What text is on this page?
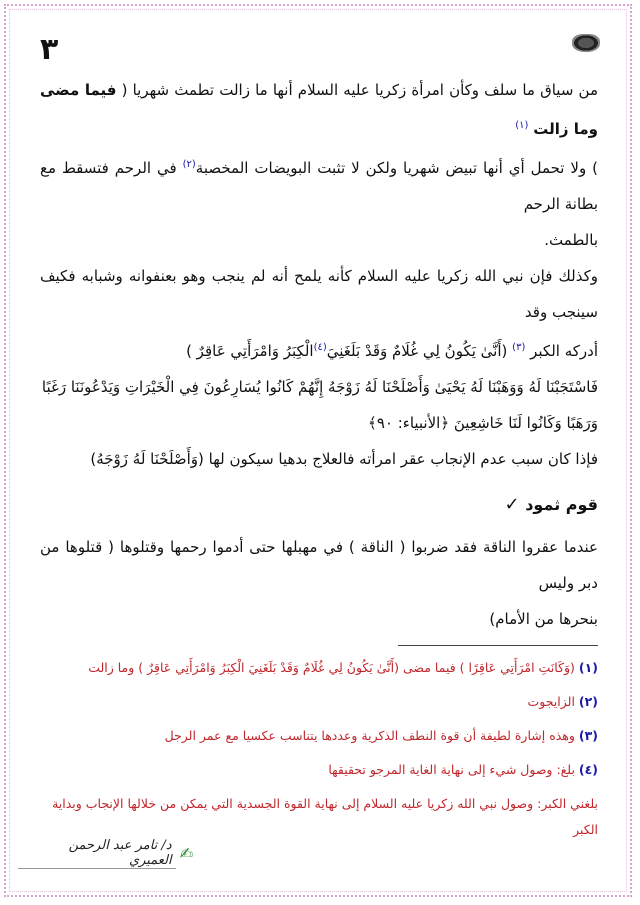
٣

من سياق ما سلف وكأن امرأة زكريا عليه السلام أنها ما زالت تطمث شهريا ( فيما مضى وما زالت $^{(١)}$

) ولا تحمل أي أنها تبيض شهريا ولكن لا تثبت البويضات المخصبة$^{(٢)}$ في الرحم فتسقط مع بطانة الرحم

بالطمث.

وكذلك فإن نبي الله زكريا عليه السلام كأنه يلمح أنه لم ينجب وهو بعنفوانه وشبابه فكيف سينجب وقد

أدركه الكبر $^{(٣)}$ (أَنَّىٰ يَكُونُ لِي غُلَامٌ وَقَدْ بَلَغَنِيَ$^{(٤)}$الْكِبَرُ وَامْرَأَتِي عَاقِرٌ )

فَاسْتَجَبْنَا لَهُ وَوَهَبْنَا لَهُ يَحْيَىٰ وَأَصْلَحْنَا لَهُ زَوْجَهُ إِنَّهُمْ كَانُوا يُسَارِعُونَ فِي الْخَيْرَاتِ وَيَدْعُونَنَا رَغَبًا

وَرَهَبًا وَكَانُوا لَنَا خَاشِعِينَ ﴿الأنبياء: ٩٠﴾

فإذا كان سبب عدم الإنجاب عقر امرأته فالعلاج بدهيا سيكون لها (وَأَصْلَحْنَا لَهُ زَوْجَهُ)

قوم ثمود ✓

عندما عقروا الناقة فقد ضربوا ( الناقة ) في مهبلها حتى أدموا رحمها وقتلوها ( قتلوها من دبر وليس

بنحرها من الأمام)

(١) (وَكَانَتِ امْرَأَتِي عَاقِرًا ) فيما مضى (أَنَّىٰ يَكُونُ لِي غُلَامٌ وَقَدْ بَلَغَنِيَ الْكِبَرُ وَامْرَأَتِي عَاقِرٌ ) وما زالت

(٢) الزايجوت

(٣) وهذه إشارة لطيفة أن قوة النطف الذكرية وعددها يتناسب عكسيا مع عمر الرجل

(٤) بلغ: وصول شيء إلى نهاية الغاية المرجو تحقيقها

بلغني الكبر: وصول نبي الله زكريا عليه السلام إلى نهاية القوة الجسدية التي يمكن من خلالها الإنجاب وبداية الكبر

✍
د/ تامر عبد الرحمن العميري
